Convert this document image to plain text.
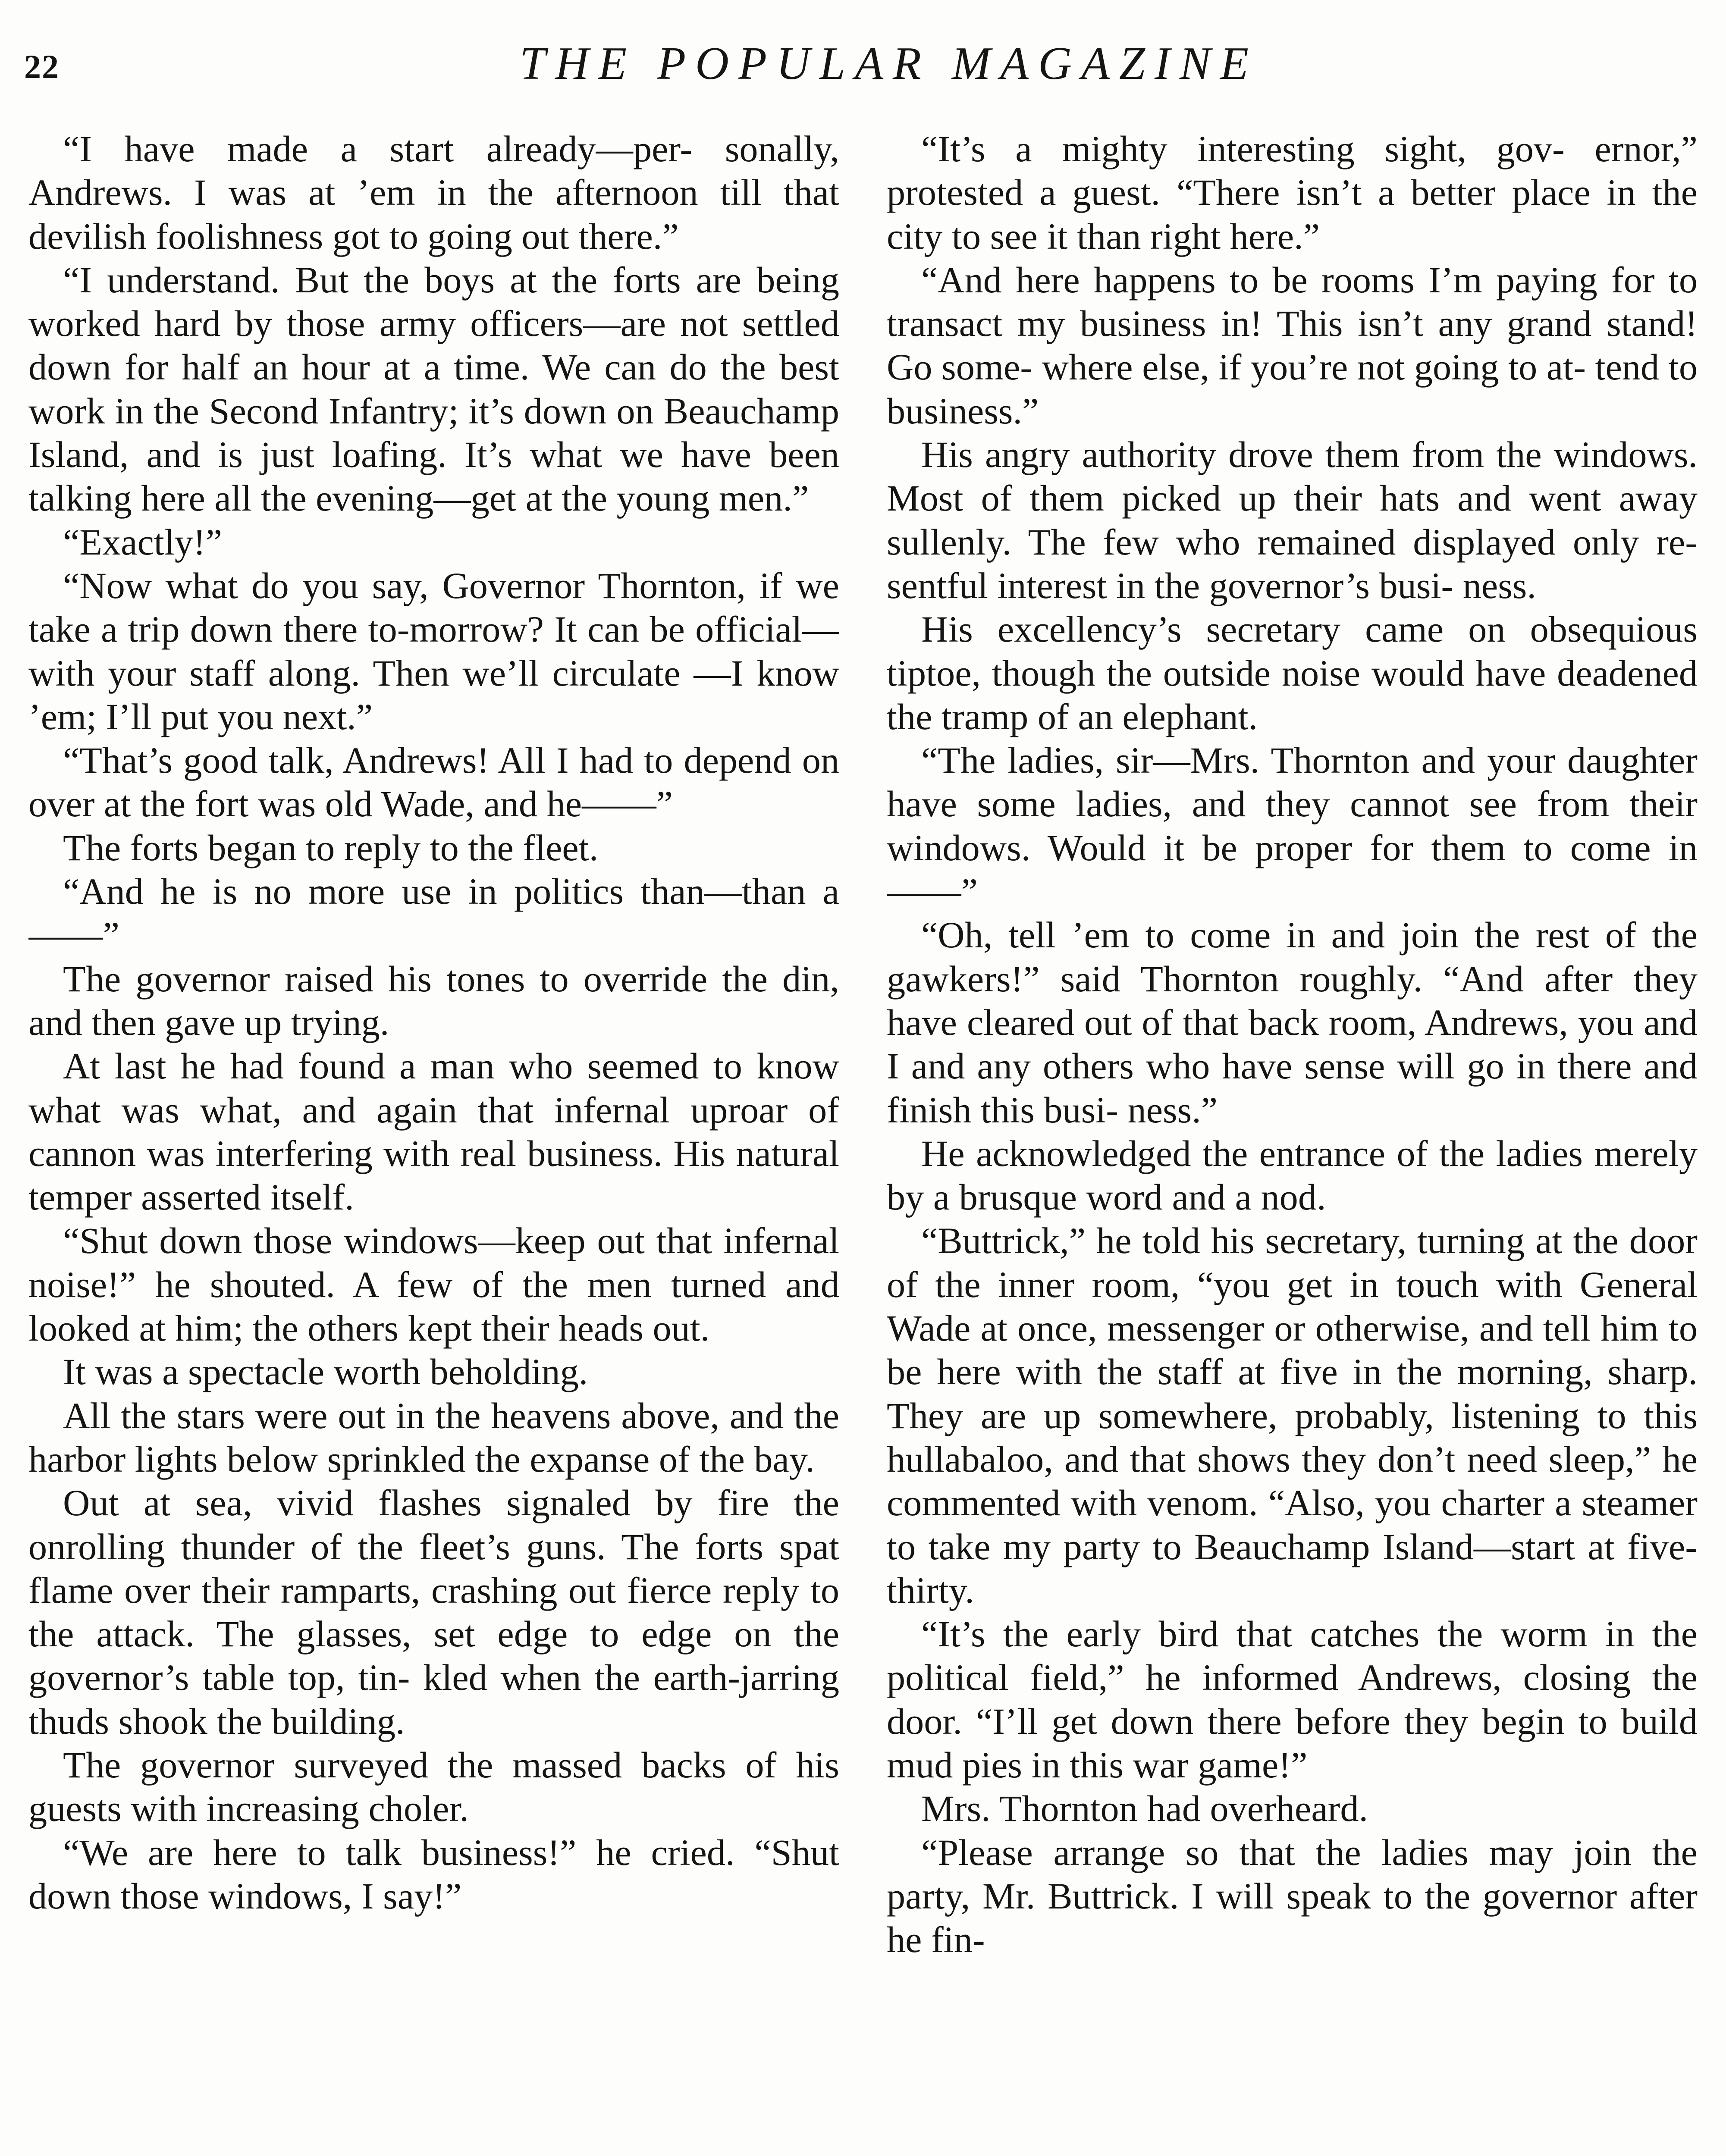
22	THE POPULAR MAGAZINE

“I have made a start already—per- sonally, Andrews. I was at ’em in the afternoon till that devilish foolishness got to going out there.”

“I understand. But the boys at the forts are being worked hard by those army officers—are not settled down for half an hour at a time. We can do the best work in the Second Infantry; it’s down on Beauchamp Island, and is just loafing. It’s what we have been talking here all the evening—get at the young men.”

“Exactly!”

“Now what do you say, Governor Thornton, if we take a trip down there to-morrow? It can be official—with your staff along. Then we’ll circulate —I know ’em; I’ll put you next.”

“That’s good talk, Andrews! All I had to depend on over at the fort was old Wade, and he——”

The forts began to reply to the fleet.

“And he is no more use in politics than—than a——”

The governor raised his tones to override the din, and then gave up trying.

At last he had found a man who seemed to know what was what, and again that infernal uproar of cannon was interfering with real business. His natural temper asserted itself.

“Shut down those windows—keep out that infernal noise!” he shouted. A few of the men turned and looked at him; the others kept their heads out.

It was a spectacle worth beholding.

All the stars were out in the heavens above, and the harbor lights below sprinkled the expanse of the bay.

Out at sea, vivid flashes signaled by fire the onrolling thunder of the fleet’s guns. The forts spat flame over their ramparts, crashing out fierce reply to the attack. The glasses, set edge to edge on the governor’s table top, tin- kled when the earth-jarring thuds shook the building.

The governor surveyed the massed backs of his guests with increasing choler.

“We are here to talk business!” he cried. “Shut down those windows, I say!”

“It’s a mighty interesting sight, gov- ernor,” protested a guest. “There isn’t a better place in the city to see it than right here.”

“And here happens to be rooms I’m paying for to transact my business in! This isn’t any grand stand! Go some- where else, if you’re not going to at- tend to business.”

His angry authority drove them from the windows. Most of them picked up their hats and went away sullenly. The few who remained displayed only re- sentful interest in the governor’s busi- ness.

His excellency’s secretary came on obsequious tiptoe, though the outside noise would have deadened the tramp of an elephant.

“The ladies, sir—Mrs. Thornton and your daughter have some ladies, and they cannot see from their windows. Would it be proper for them to come in——”

“Oh, tell ’em to come in and join the rest of the gawkers!” said Thornton roughly. “And after they have cleared out of that back room, Andrews, you and I and any others who have sense will go in there and finish this busi- ness.”

He acknowledged the entrance of the ladies merely by a brusque word and a nod.

“Buttrick,” he told his secretary, turning at the door of the inner room, “you get in touch with General Wade at once, messenger or otherwise, and tell him to be here with the staff at five in the morning, sharp. They are up somewhere, probably, listening to this hullabaloo, and that shows they don’t need sleep,” he commented with venom. “Also, you charter a steamer to take my party to Beauchamp Island—start at five-thirty.

“It’s the early bird that catches the worm in the political field,” he informed Andrews, closing the door. “I’ll get down there before they begin to build mud pies in this war game!”

Mrs. Thornton had overheard.

“Please arrange so that the ladies may join the party, Mr. Buttrick. I will speak to the governor after he fin-
